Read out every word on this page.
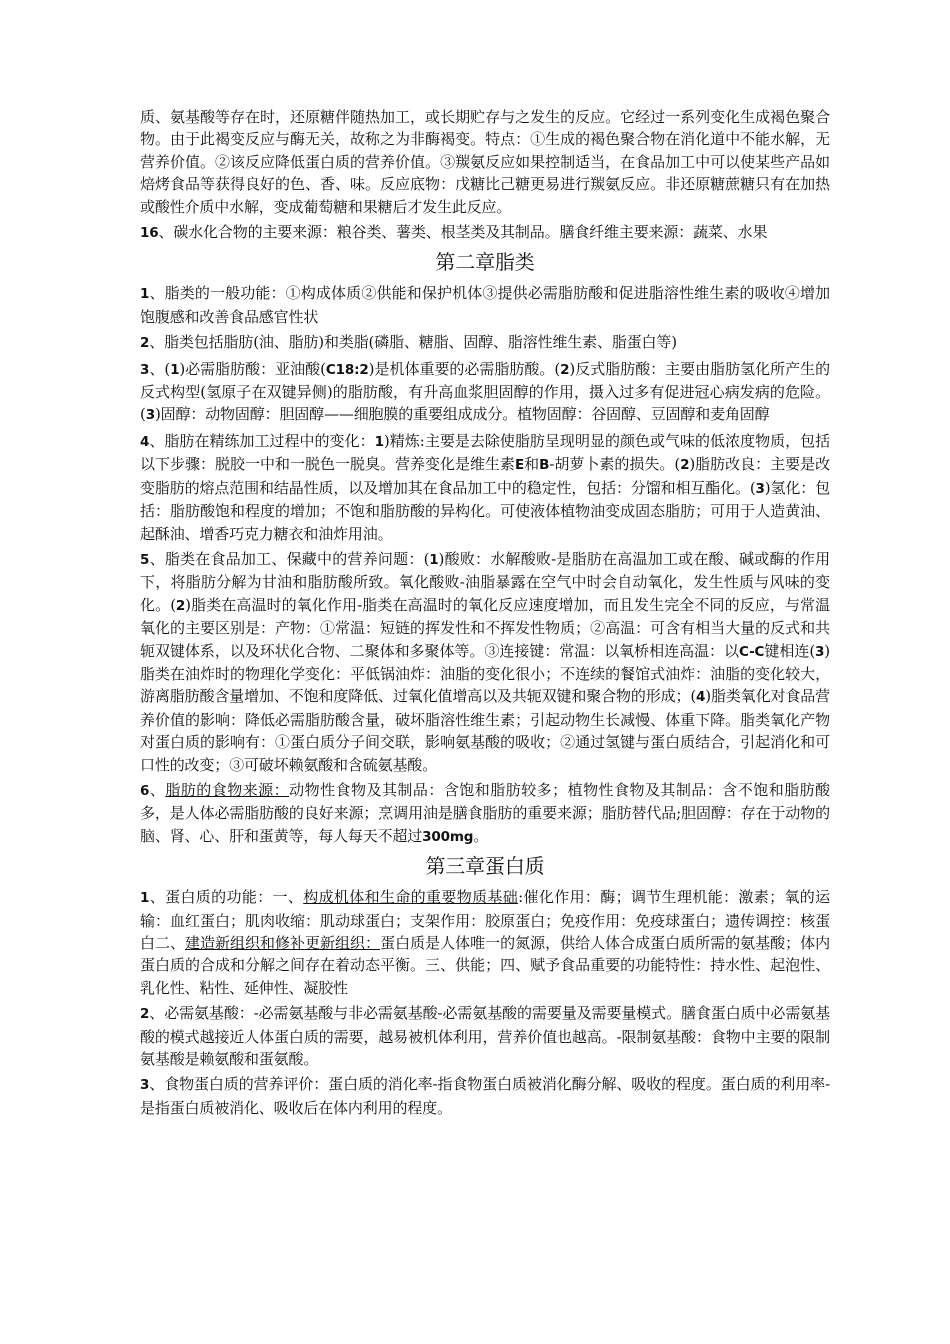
质、氨基酸等存在时，还原糖伴随热加工，或长期贮存与之发生的反应。它经过一系列变化生成褐色聚合物。由于此褐变反应与酶无关，故称之为非酶褐变。特点：①生成的褐色聚合物在消化道中不能水解，无营养价值。②该反应降低蛋白质的营养价值。③羰氨反应如果控制适当，在食品加工中可以使某些产品如焙烤食品等获得良好的色、香、味。反应底物：戊糖比己糖更易进行羰氨反应。非还原糖蔗糖只有在加热或酸性介质中水解，变成葡萄糖和果糖后才发生此反应。

16、碳水化合物的主要来源：粮谷类、薯类、根茎类及其制品。膳食纤维主要来源：蔬菜、水果

第二章脂类

1、脂类的一般功能：①构成体质②供能和保护机体③提供必需脂肪酸和促进脂溶性维生素的吸收④增加饱腹感和改善食品感官性状

2、脂类包括脂肪(油、脂肪)和类脂(磷脂、糖脂、固醇、脂溶性维生素、脂蛋白等)

3、(1)必需脂肪酸：亚油酸(C18:2)是机体重要的必需脂肪酸。(2)反式脂肪酸：主要由脂肪氢化所产生的反式构型(氢原子在双键异侧)的脂肪酸，有升高血浆胆固醇的作用，摄入过多有促进冠心病发病的危险。(3)固醇：动物固醇：胆固醇——细胞膜的重要组成成分。植物固醇：谷固醇、豆固醇和麦角固醇

4、脂肪在精练加工过程中的变化：1)精炼:主要是去除使脂肪呈现明显的颜色或气味的低浓度物质，包括以下步骤：脱胶一中和一脱色一脱臭。营养变化是维生素E和B-胡萝卜素的损失。(2)脂肪改良：主要是改变脂肪的熔点范围和结晶性质，以及增加其在食品加工中的稳定性，包括：分馏和相互酯化。(3)氢化：包括：脂肪酸饱和程度的增加；不饱和脂肪酸的异构化。可使液体植物油变成固态脂肪；可用于人造黄油、起酥油、增香巧克力糖衣和油炸用油。

5、脂类在食品加工、保藏中的营养问题：(1)酸败：水解酸败-是脂肪在高温加工或在酸、碱或酶的作用下，将脂肪分解为甘油和脂肪酸所致。氧化酸败-油脂暴露在空气中时会自动氧化，发生性质与风味的变化。(2)脂类在高温时的氧化作用-脂类在高温时的氧化反应速度增加，而且发生完全不同的反应，与常温氧化的主要区别是：产物：①常温：短链的挥发性和不挥发性物质；②高温：可含有相当大量的反式和共轭双键体系，以及环状化合物、二聚体和多聚体等。③连接键：常温：以氧桥相连高温：以C-C键相连(3)脂类在油炸时的物理化学变化：平低锅油炸：油脂的变化很小；不连续的餐馆式油炸：油脂的变化较大，游离脂肪酸含量增加、不饱和度降低、过氧化值增高以及共轭双键和聚合物的形成；(4)脂类氧化对食品营养价值的影响：降低必需脂肪酸含量，破坏脂溶性维生素；引起动物生长减慢、体重下降。脂类氧化产物对蛋白质的影响有：①蛋白质分子间交联，影响氨基酸的吸收；②通过氢键与蛋白质结合，引起消化和可口性的改变；③可破坏赖氨酸和含硫氨基酸。

6、脂肪的食物来源：动物性食物及其制品：含饱和脂肪较多；植物性食物及其制品：含不饱和脂肪酸多，是人体必需脂肪酸的良好来源；烹调用油是膳食脂肪的重要来源；脂肪替代品;胆固醇：存在于动物的脑、肾、心、肝和蛋黄等，每人每天不超过300mg。

第三章蛋白质

1、蛋白质的功能：一、构成机体和生命的重要物质基础:催化作用：酶；调节生理机能：激素；氧的运输：血红蛋白；肌肉收缩：肌动球蛋白；支架作用：胶原蛋白；免疫作用：免疫球蛋白；遗传调控：核蛋白二、建造新组织和修补更新组织：蛋白质是人体唯一的氮源，供给人体合成蛋白质所需的氨基酸；体内蛋白质的合成和分解之间存在着动态平衡。三、供能；四、赋予食品重要的功能特性：持水性、起泡性、乳化性、粘性、延伸性、凝胶性

2、必需氨基酸：-必需氨基酸与非必需氨基酸-必需氨基酸的需要量及需要量模式。膳食蛋白质中必需氨基酸的模式越接近人体蛋白质的需要，越易被机体利用，营养价值也越高。-限制氨基酸：食物中主要的限制氨基酸是赖氨酸和蛋氨酸。

3、食物蛋白质的营养评价：蛋白质的消化率-指食物蛋白质被消化酶分解、吸收的程度。蛋白质的利用率-是指蛋白质被消化、吸收后在体内利用的程度。
